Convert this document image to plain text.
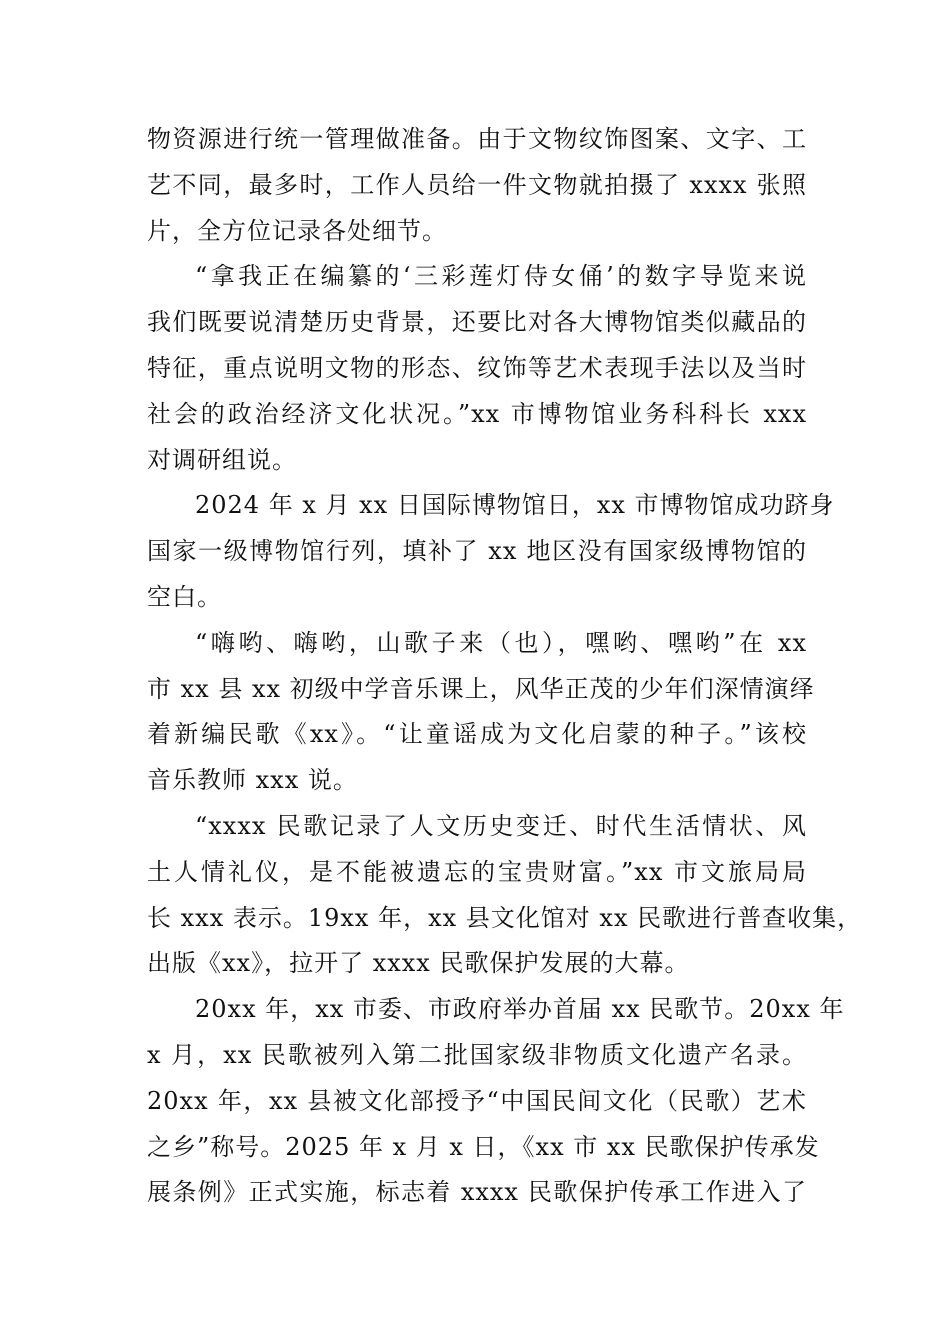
物资源进行统一管理做准备。由于文物纹饰图案、文字、工
艺不同，最多时，工作人员给一件文物就拍摄了 xxxx 张照
片，全方位记录各处细节。
“拿我正在编纂的‘三彩莲灯侍女俑’的数字导览来说
我们既要说清楚历史背景，还要比对各大博物馆类似藏品的
特征，重点说明文物的形态、纹饰等艺术表现手法以及当时
社会的政治经济文化状况。”xx 市博物馆业务科科长 xxx
对调研组说。
2024 年 x 月 xx 日国际博物馆日，xx 市博物馆成功跻身
国家一级博物馆行列，填补了 xx 地区没有国家级博物馆的
空白。
“嗨哟、嗨哟，山歌子来（也），嘿哟、嘿哟”在 xx
市 xx 县 xx 初级中学音乐课上，风华正茂的少年们深情演绎
着新编民歌《xx》。“让童谣成为文化启蒙的种子。”该校
音乐教师 xxx 说。
“xxxx 民歌记录了人文历史变迁、时代生活情状、风
土人情礼仪，是不能被遗忘的宝贵财富。”xx 市文旅局局
长 xxx 表示。19xx 年，xx 县文化馆对 xx 民歌进行普查收集，
出版《xx》，拉开了 xxxx 民歌保护发展的大幕。
20xx 年，xx 市委、市政府举办首届 xx 民歌节。20xx 年
x 月，xx 民歌被列入第二批国家级非物质文化遗产名录。
20xx 年，xx 县被文化部授予“中国民间文化（民歌）艺术
之乡”称号。2025 年 x 月 x 日，《xx 市 xx 民歌保护传承发
展条例》正式实施，标志着 xxxx 民歌保护传承工作进入了
